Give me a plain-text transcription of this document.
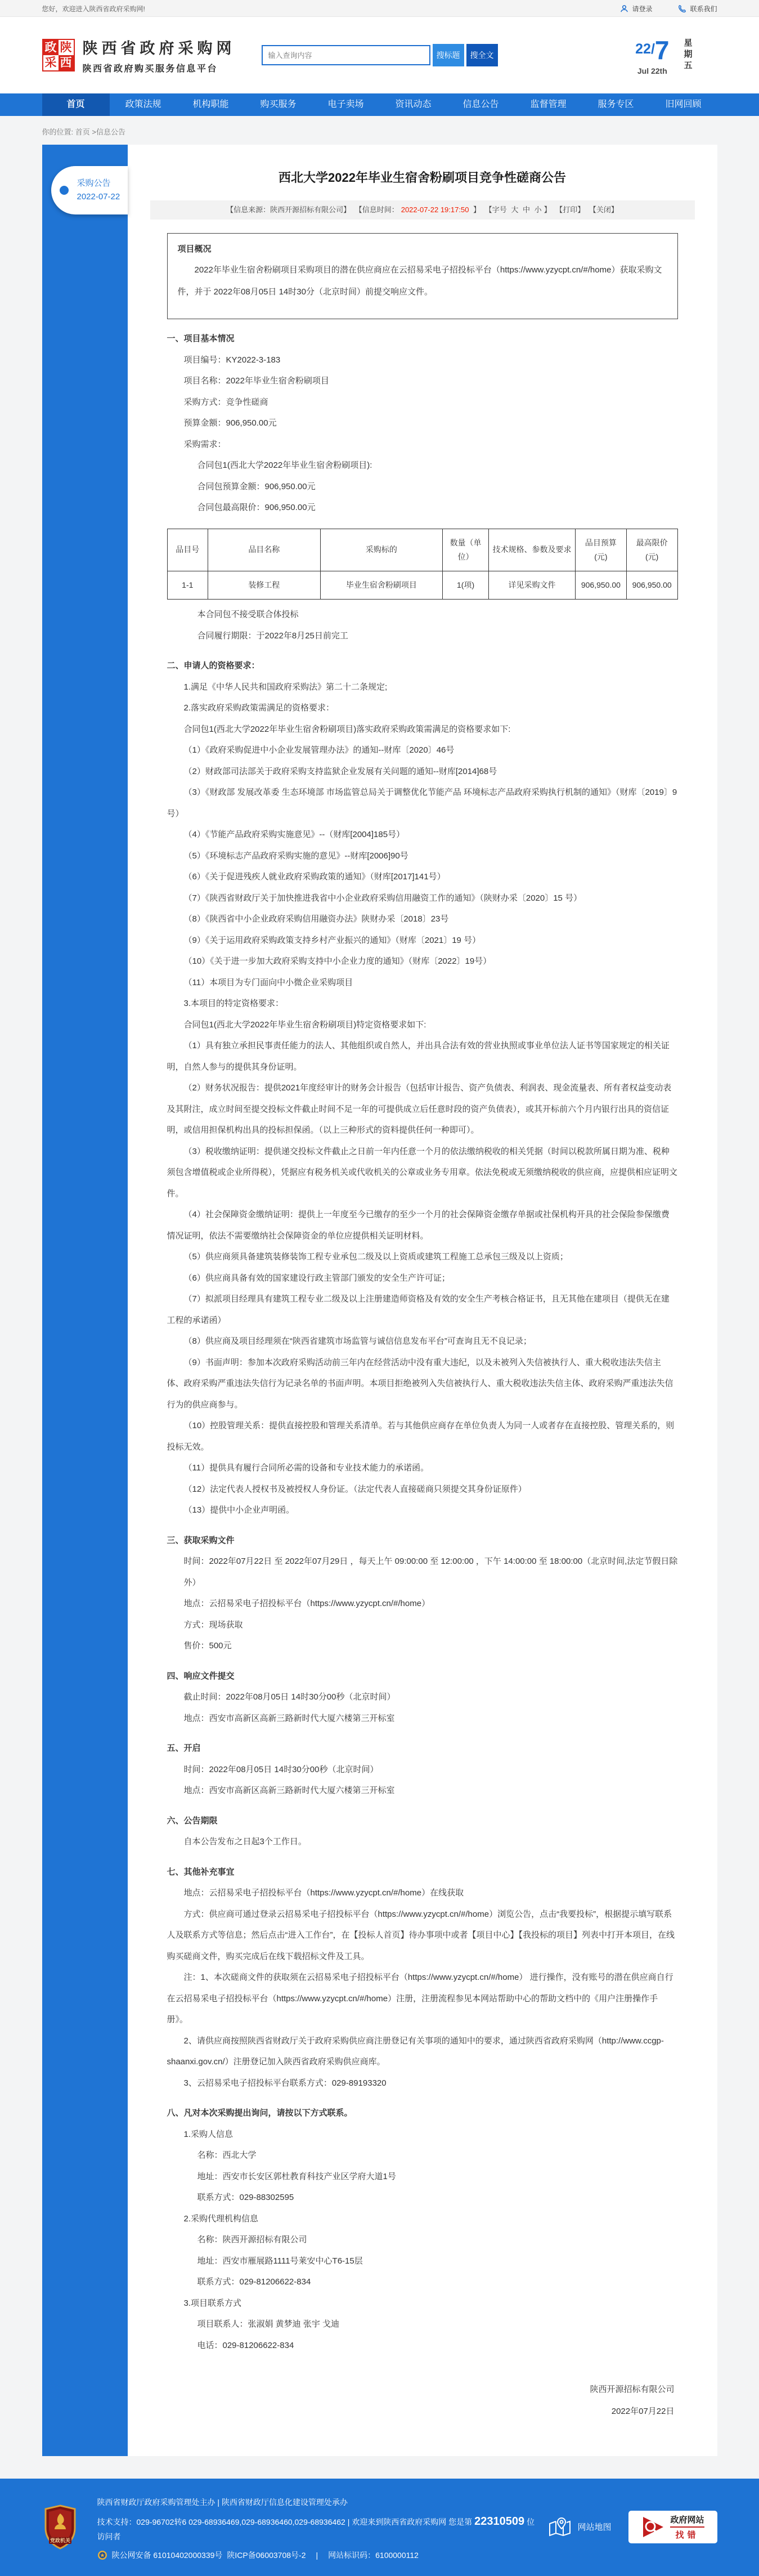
您好，欢迎进入陕西省政府采购网!	请登录	联系我们
政 陕
采 西
陕西省政府采购网
陕西省政府购买服务信息平台
输入查询内容
搜标题	搜全文	22/7
Jul 22th 星期五
首页	政策法规	机构职能	购买服务	电子卖场	资讯动态	信息公告	监督管理	服务专区	旧网回顾
你的位置: 首页 >信息公告
采购公告
2022-07-22
西北大学2022年毕业生宿舍粉刷项目竞争性磋商公告
【信息来源：陕西开源招标有限公司】 【信息时间： 2022-07-22 19:17:50 】 【字号 大 中 小 】 【打印】 【关闭】
项目概况
2022年毕业生宿舍粉刷项目采购项目的潜在供应商应在云招易采电子招投标平台（https://www.yzycpt.cn/#/home）获取采购文件，并于 2022年08月05日 14时30分（北京时间）前提交响应文件。
一、项目基本情况
项目编号：KY2022-3-183
项目名称：2022年毕业生宿舍粉刷项目
采购方式：竞争性磋商
预算金额：906,950.00元
采购需求：
合同包1(西北大学2022年毕业生宿舍粉刷项目):
合同包预算金额：906,950.00元
合同包最高限价：906,950.00元
品目号	品目名称	采购标的	数量（单位）	技术规格、参数及要求	品目预算(元)	最高限价(元)
1-1	装修工程	毕业生宿舍粉刷项目	1(项)	详见采购文件	906,950.00	906,950.00
本合同包不接受联合体投标
合同履行期限：于2022年8月25日前完工
二、申请人的资格要求：
1.满足《中华人民共和国政府采购法》第二十二条规定;
2.落实政府采购政策需满足的资格要求：
合同包1(西北大学2022年毕业生宿舍粉刷项目)落实政府采购政策需满足的资格要求如下:
（1）《政府采购促进中小企业发展管理办法》的通知--财库〔2020〕46号
（2）财政部司法部关于政府采购支持监狱企业发展有关问题的通知--财库[2014]68号
（3）《财政部 发展改革委 生态环境部 市场监管总局关于调整优化节能产品 环境标志产品政府采购执行机制的通知》（财库〔2019〕9号）
（4）《节能产品政府采购实施意见》--（财库[2004]185号）
（5）《环境标志产品政府采购实施的意见》--财库[2006]90号
（6）《关于促进残疾人就业政府采购政策的通知》（财库[2017]141号）
（7）《陕西省财政厅关于加快推进我省中小企业政府采购信用融资工作的通知》（陕财办采〔2020〕15 号）
（8）《陕西省中小企业政府采购信用融资办法》陕财办采〔2018〕23号
（9）《关于运用政府采购政策支持乡村产业振兴的通知》（财库〔2021〕19 号）
（10）《关于进一步加大政府采购支持中小企业力度的通知》（财库〔2022〕19号）
（11）本项目为专门面向中小微企业采购项目
3.本项目的特定资格要求：
合同包1(西北大学2022年毕业生宿舍粉刷项目)特定资格要求如下:
（1）具有独立承担民事责任能力的法人、其他组织或自然人，并出具合法有效的营业执照或事业单位法人证书等国家规定的相关证明，自然人参与的提供其身份证明。
（2）财务状况报告：提供2021年度经审计的财务会计报告（包括审计报告、资产负债表、利润表、现金流量表、所有者权益变动表及其附注，成立时间至提交投标文件截止时间不足一年的可提供成立后任意时段的资产负债表），或其开标前六个月内银行出具的资信证明，或信用担保机构出具的投标担保函。（以上三种形式的资料提供任何一种即可）。
（3）税收缴纳证明：提供递交投标文件截止之日前一年内任意一个月的依法缴纳税收的相关凭据（时间以税款所属日期为准、税种须包含增值税或企业所得税），凭据应有税务机关或代收机关的公章或业务专用章。依法免税或无须缴纳税收的供应商，应提供相应证明文件。
（4）社会保障资金缴纳证明：提供上一年度至今已缴存的至少一个月的社会保障资金缴存单据或社保机构开具的社会保险参保缴费情况证明，依法不需要缴纳社会保障资金的单位应提供相关证明材料。
（5）供应商须具备建筑装修装饰工程专业承包二级及以上资质或建筑工程施工总承包三级及以上资质；
（6）供应商具备有效的国家建设行政主管部门颁发的安全生产许可证；
（7）拟派项目经理具有建筑工程专业二级及以上注册建造师资格及有效的安全生产考核合格证书，且无其他在建项目（提供无在建工程的承诺函）
（8）供应商及项目经理须在“陕西省建筑市场监管与诚信信息发布平台”可查询且无不良记录；
（9）书面声明：参加本次政府采购活动前三年内在经营活动中没有重大违纪，以及未被列入失信被执行人、重大税收违法失信主体、政府采购严重违法失信行为记录名单的书面声明。本项目拒绝被列入失信被执行人、重大税收违法失信主体、政府采购严重违法失信行为的供应商参与。
（10）控股管理关系：提供直接控股和管理关系清单。若与其他供应商存在单位负责人为同一人或者存在直接控股、管理关系的，则投标无效。
（11）提供具有履行合同所必需的设备和专业技术能力的承诺函。
（12）法定代表人授权书及被授权人身份证。（法定代表人直接磋商只须提交其身份证原件）
（13）提供中小企业声明函。
三、获取采购文件
时间：2022年07月22日 至 2022年07月29日 ，每天上午 09:00:00 至 12:00:00 ，下午 14:00:00 至 18:00:00（北京时间,法定节假日除外）
地点：云招易采电子招投标平台（https://www.yzycpt.cn/#/home）
方式：现场获取
售价：500元
四、响应文件提交
截止时间：2022年08月05日 14时30分00秒（北京时间）
地点：西安市高新区高新三路新时代大厦六楼第三开标室
五、开启
时间：2022年08月05日 14时30分00秒（北京时间）
地点：西安市高新区高新三路新时代大厦六楼第三开标室
六、公告期限
自本公告发布之日起3个工作日。
七、其他补充事宜
地点：云招易采电子招投标平台（https://www.yzycpt.cn/#/home）在线获取
方式：供应商可通过登录云招易采电子招投标平台（https://www.yzycpt.cn/#/home）浏览公告，点击“我要投标”，根据提示填写联系人及联系方式等信息；然后点击“进入工作台”，在【投标人首页】待办事项中或者【项目中心】【我投标的项目】列表中打开本项目，在线购买磋商文件，购买完成后在线下载招标文件及工具。
注：1、本次磋商文件的获取须在云招易采电子招投标平台（https://www.yzycpt.cn/#/home） 进行操作，没有账号的潜在供应商自行在云招易采电子招投标平台（https://www.yzycpt.cn/#/home）注册，注册流程参见本网站帮助中心的帮助文档中的《用户注册操作手册》。
2、请供应商按照陕西省财政厅关于政府采购供应商注册登记有关事项的通知中的要求，通过陕西省政府采购网（http://www.ccgp-shaanxi.gov.cn/）注册登记加入陕西省政府采购供应商库。
3、云招易采电子招投标平台联系方式：029-89193320
八、凡对本次采购提出询问，请按以下方式联系。
1.采购人信息
名称：西北大学
地址：西安市长安区郭杜教育科技产业区学府大道1号
联系方式：029-88302595
2.采购代理机构信息
名称：陕西开源招标有限公司
地址：西安市雁展路1111号莱安中心T6-15层
联系方式：029-81206622-834
3.项目联系方式
项目联系人：张淑娟 黄梦迪 张宇 戈迪
电话：029-81206622-834
陕西开源招标有限公司
2022年07月22日
党政机关
陕西省财政厅政府采购管理处主办 | 陕西省财政厅信息化建设管理处承办
技术支持：029-96702转6 029-68936469,029-68936460,029-68936462 | 欢迎来到陕西省政府采购网 您是第 22310509 位访问者
陕公网安备 61010402000339号 陕ICP备06003708号-2 | 网站标识码：6100000112
网站地图
政府网站
找错
